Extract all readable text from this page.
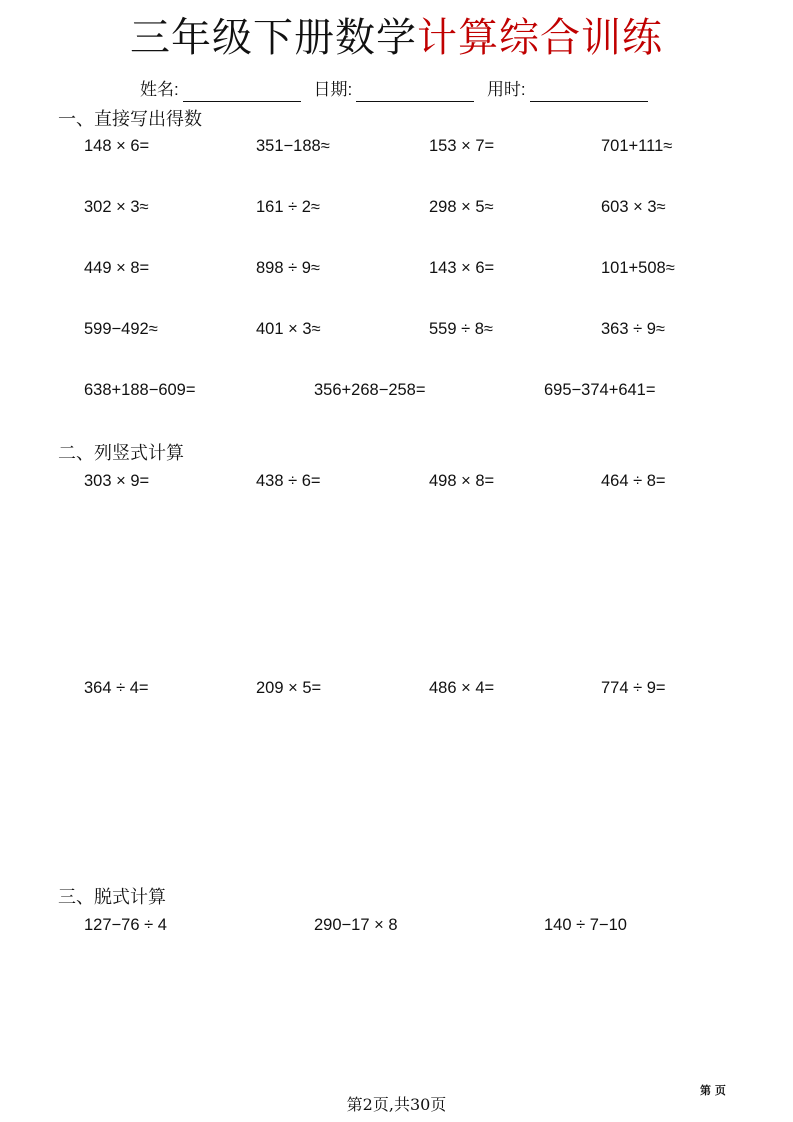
三年级下册数学计算综合训练
姓名:	日期:	用时:
一、直接写出得数
148 × 6=	351−188≈	153 × 7=	701+111≈
302 × 3≈	161 ÷ 2≈	298 × 5≈	603 × 3≈
449 × 8=	898 ÷ 9≈	143 × 6=	101+508≈
599−492≈	401 × 3≈	559 ÷ 8≈	363 ÷ 9≈
638+188−609=	356+268−258=	695−374+641=
二、列竖式计算
303 × 9=	438 ÷ 6=	498 × 8=	464 ÷ 8=
364 ÷ 4=	209 × 5=	486 × 4=	774 ÷ 9=
三、脱式计算
127−76 ÷ 4	290−17 × 8	140 ÷ 7−10
第 页
第2页,共30页
